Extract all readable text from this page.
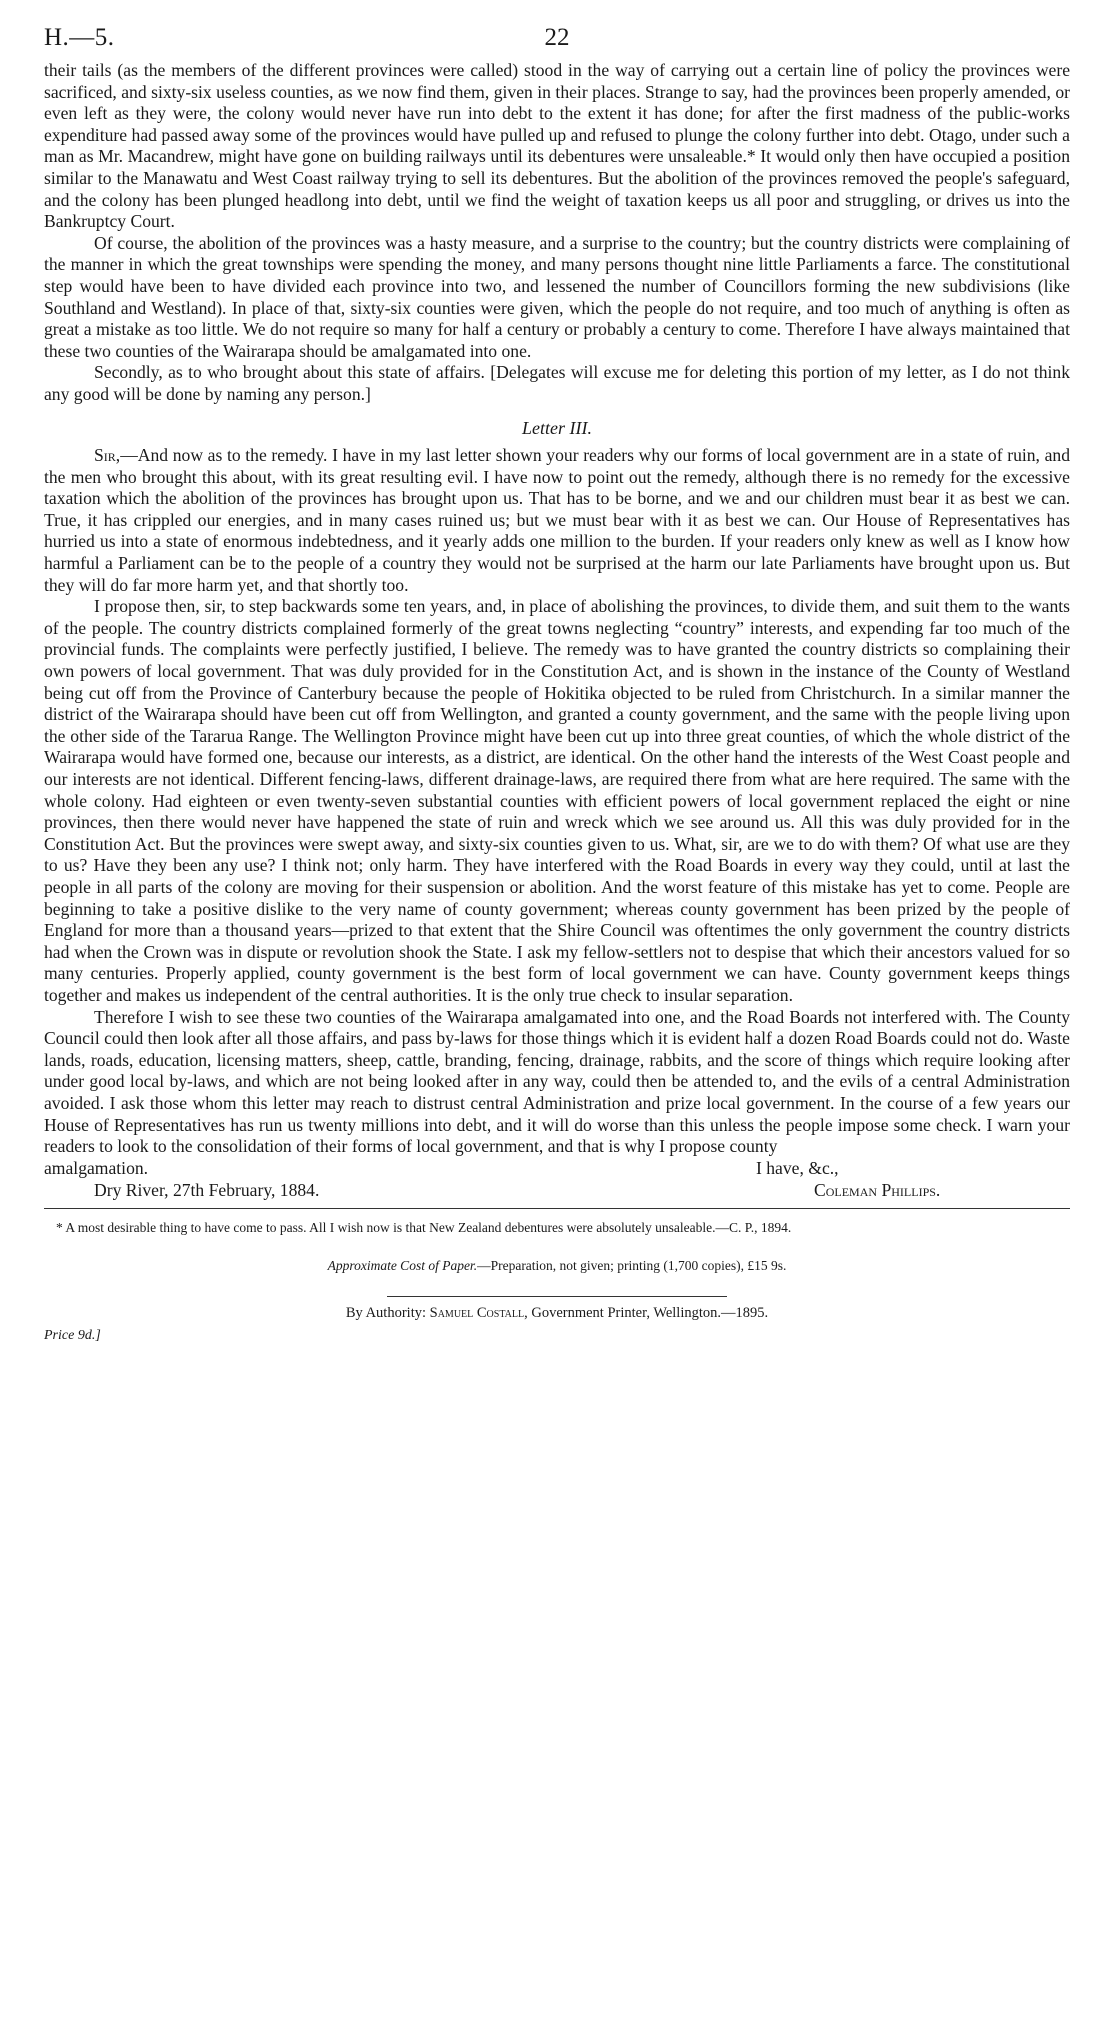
H.—5.	22

their tails (as the members of the different provinces were called) stood in the way of carrying out a certain line of policy the provinces were sacrificed, and sixty-six useless counties, as we now find them, given in their places. Strange to say, had the provinces been properly amended, or even left as they were, the colony would never have run into debt to the extent it has done; for after the first madness of the public-works expenditure had passed away some of the provinces would have pulled up and refused to plunge the colony further into debt. Otago, under such a man as Mr. Macandrew, might have gone on building railways until its debentures were unsaleable.* It would only then have occupied a position similar to the Manawatu and West Coast railway trying to sell its debentures. But the abolition of the provinces removed the people's safeguard, and the colony has been plunged headlong into debt, until we find the weight of taxation keeps us all poor and struggling, or drives us into the Bankruptcy Court.

Of course, the abolition of the provinces was a hasty measure, and a surprise to the country; but the country districts were complaining of the manner in which the great townships were spending the money, and many persons thought nine little Parliaments a farce. The constitutional step would have been to have divided each province into two, and lessened the number of Councillors forming the new subdivisions (like Southland and Westland). In place of that, sixty-six counties were given, which the people do not require, and too much of anything is often as great a mistake as too little. We do not require so many for half a century or probably a century to come. Therefore I have always maintained that these two counties of the Wairarapa should be amalgamated into one.

Secondly, as to who brought about this state of affairs. [Delegates will excuse me for deleting this portion of my letter, as I do not think any good will be done by naming any person.]

Letter III.

Sir,—And now as to the remedy. I have in my last letter shown your readers why our forms of local government are in a state of ruin, and the men who brought this about, with its great resulting evil. I have now to point out the remedy, although there is no remedy for the excessive taxation which the abolition of the provinces has brought upon us. That has to be borne, and we and our children must bear it as best we can. True, it has crippled our energies, and in many cases ruined us; but we must bear with it as best we can. Our House of Representatives has hurried us into a state of enormous indebtedness, and it yearly adds one million to the burden. If your readers only knew as well as I know how harmful a Parliament can be to the people of a country they would not be surprised at the harm our late Parliaments have brought upon us. But they will do far more harm yet, and that shortly too.

I propose then, sir, to step backwards some ten years, and, in place of abolishing the provinces, to divide them, and suit them to the wants of the people. The country districts complained formerly of the great towns neglecting “country” interests, and expending far too much of the provincial funds. The complaints were perfectly justified, I believe. The remedy was to have granted the country districts so complaining their own powers of local government. That was duly provided for in the Constitution Act, and is shown in the instance of the County of Westland being cut off from the Province of Canterbury because the people of Hokitika objected to be ruled from Christchurch. In a similar manner the district of the Wairarapa should have been cut off from Wellington, and granted a county government, and the same with the people living upon the other side of the Tararua Range. The Wellington Province might have been cut up into three great counties, of which the whole district of the Wairarapa would have formed one, because our interests, as a district, are identical. On the other hand the interests of the West Coast people and our interests are not identical. Different fencing-laws, different drainage-laws, are required there from what are here required. The same with the whole colony. Had eighteen or even twenty-seven substantial counties with efficient powers of local government replaced the eight or nine provinces, then there would never have happened the state of ruin and wreck which we see around us. All this was duly provided for in the Constitution Act. But the provinces were swept away, and sixty-six counties given to us. What, sir, are we to do with them? Of what use are they to us? Have they been any use? I think not; only harm. They have interfered with the Road Boards in every way they could, until at last the people in all parts of the colony are moving for their suspension or abolition. And the worst feature of this mistake has yet to come. People are beginning to take a positive dislike to the very name of county government; whereas county government has been prized by the people of England for more than a thousand years—prized to that extent that the Shire Council was oftentimes the only government the country districts had when the Crown was in dispute or revolution shook the State. I ask my fellow-settlers not to despise that which their ancestors valued for so many centuries. Properly applied, county government is the best form of local government we can have. County government keeps things together and makes us independent of the central authorities. It is the only true check to insular separation.

Therefore I wish to see these two counties of the Wairarapa amalgamated into one, and the Road Boards not interfered with. The County Council could then look after all those affairs, and pass by-laws for those things which it is evident half a dozen Road Boards could not do. Waste lands, roads, education, licensing matters, sheep, cattle, branding, fencing, drainage, rabbits, and the score of things which require looking after under good local by-laws, and which are not being looked after in any way, could then be attended to, and the evils of a central Administration avoided. I ask those whom this letter may reach to distrust central Administration and prize local government. In the course of a few years our House of Representatives has run us twenty millions into debt, and it will do worse than this unless the people impose some check. I warn your readers to look to the consolidation of their forms of local government, and that is why I propose county

amalgamation.	I have, &c.,
Dry River, 27th February, 1884.	Coleman Phillips.
* A most desirable thing to have come to pass. All I wish now is that New Zealand debentures were absolutely unsaleable.—C. P., 1894.
Approximate Cost of Paper.—Preparation, not given; printing (1,700 copies), £15 9s.
By Authority: Samuel Costall, Government Printer, Wellington.—1895.
Price 9d.]
